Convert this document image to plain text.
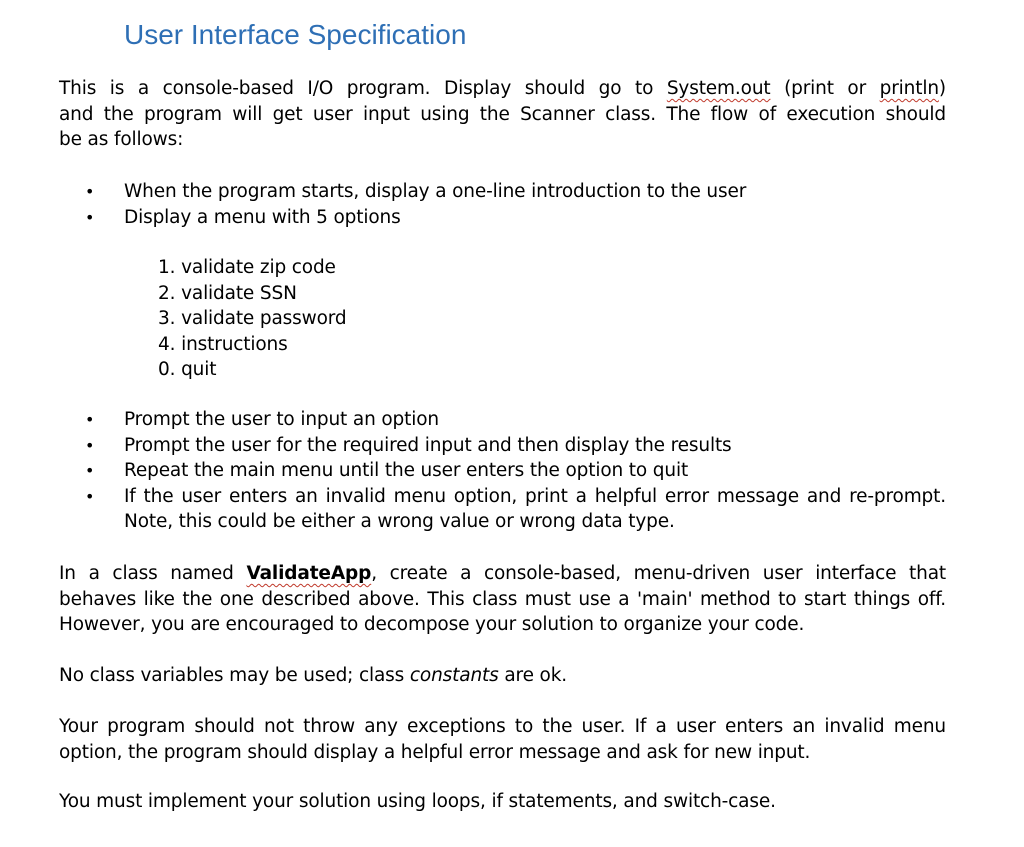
User Interface Specification
This is a console-based I/O program. Display should go to System.out (print or println)
and the program will get user input using the Scanner class. The flow of execution should
be as follows:
• When the program starts, display a one-line introduction to the user
• Display a menu with 5 options
1. validate zip code
2. validate SSN
3. validate password
4. instructions
0. quit
• Prompt the user to input an option
• Prompt the user for the required input and then display the results
• Repeat the main menu until the user enters the option to quit
• If the user enters an invalid menu option, print a helpful error message and re-prompt. Note, this could be either a wrong value or wrong data type.

In a class named ValidateApp, create a console-based, menu-driven user interface that behaves like the one described above. This class must use a 'main' method to start things off. However, you are encouraged to decompose your solution to organize your code.

No class variables may be used; class constants are ok.

Your program should not throw any exceptions to the user. If a user enters an invalid menu option, the program should display a helpful error message and ask for new input.

You must implement your solution using loops, if statements, and switch-case.
